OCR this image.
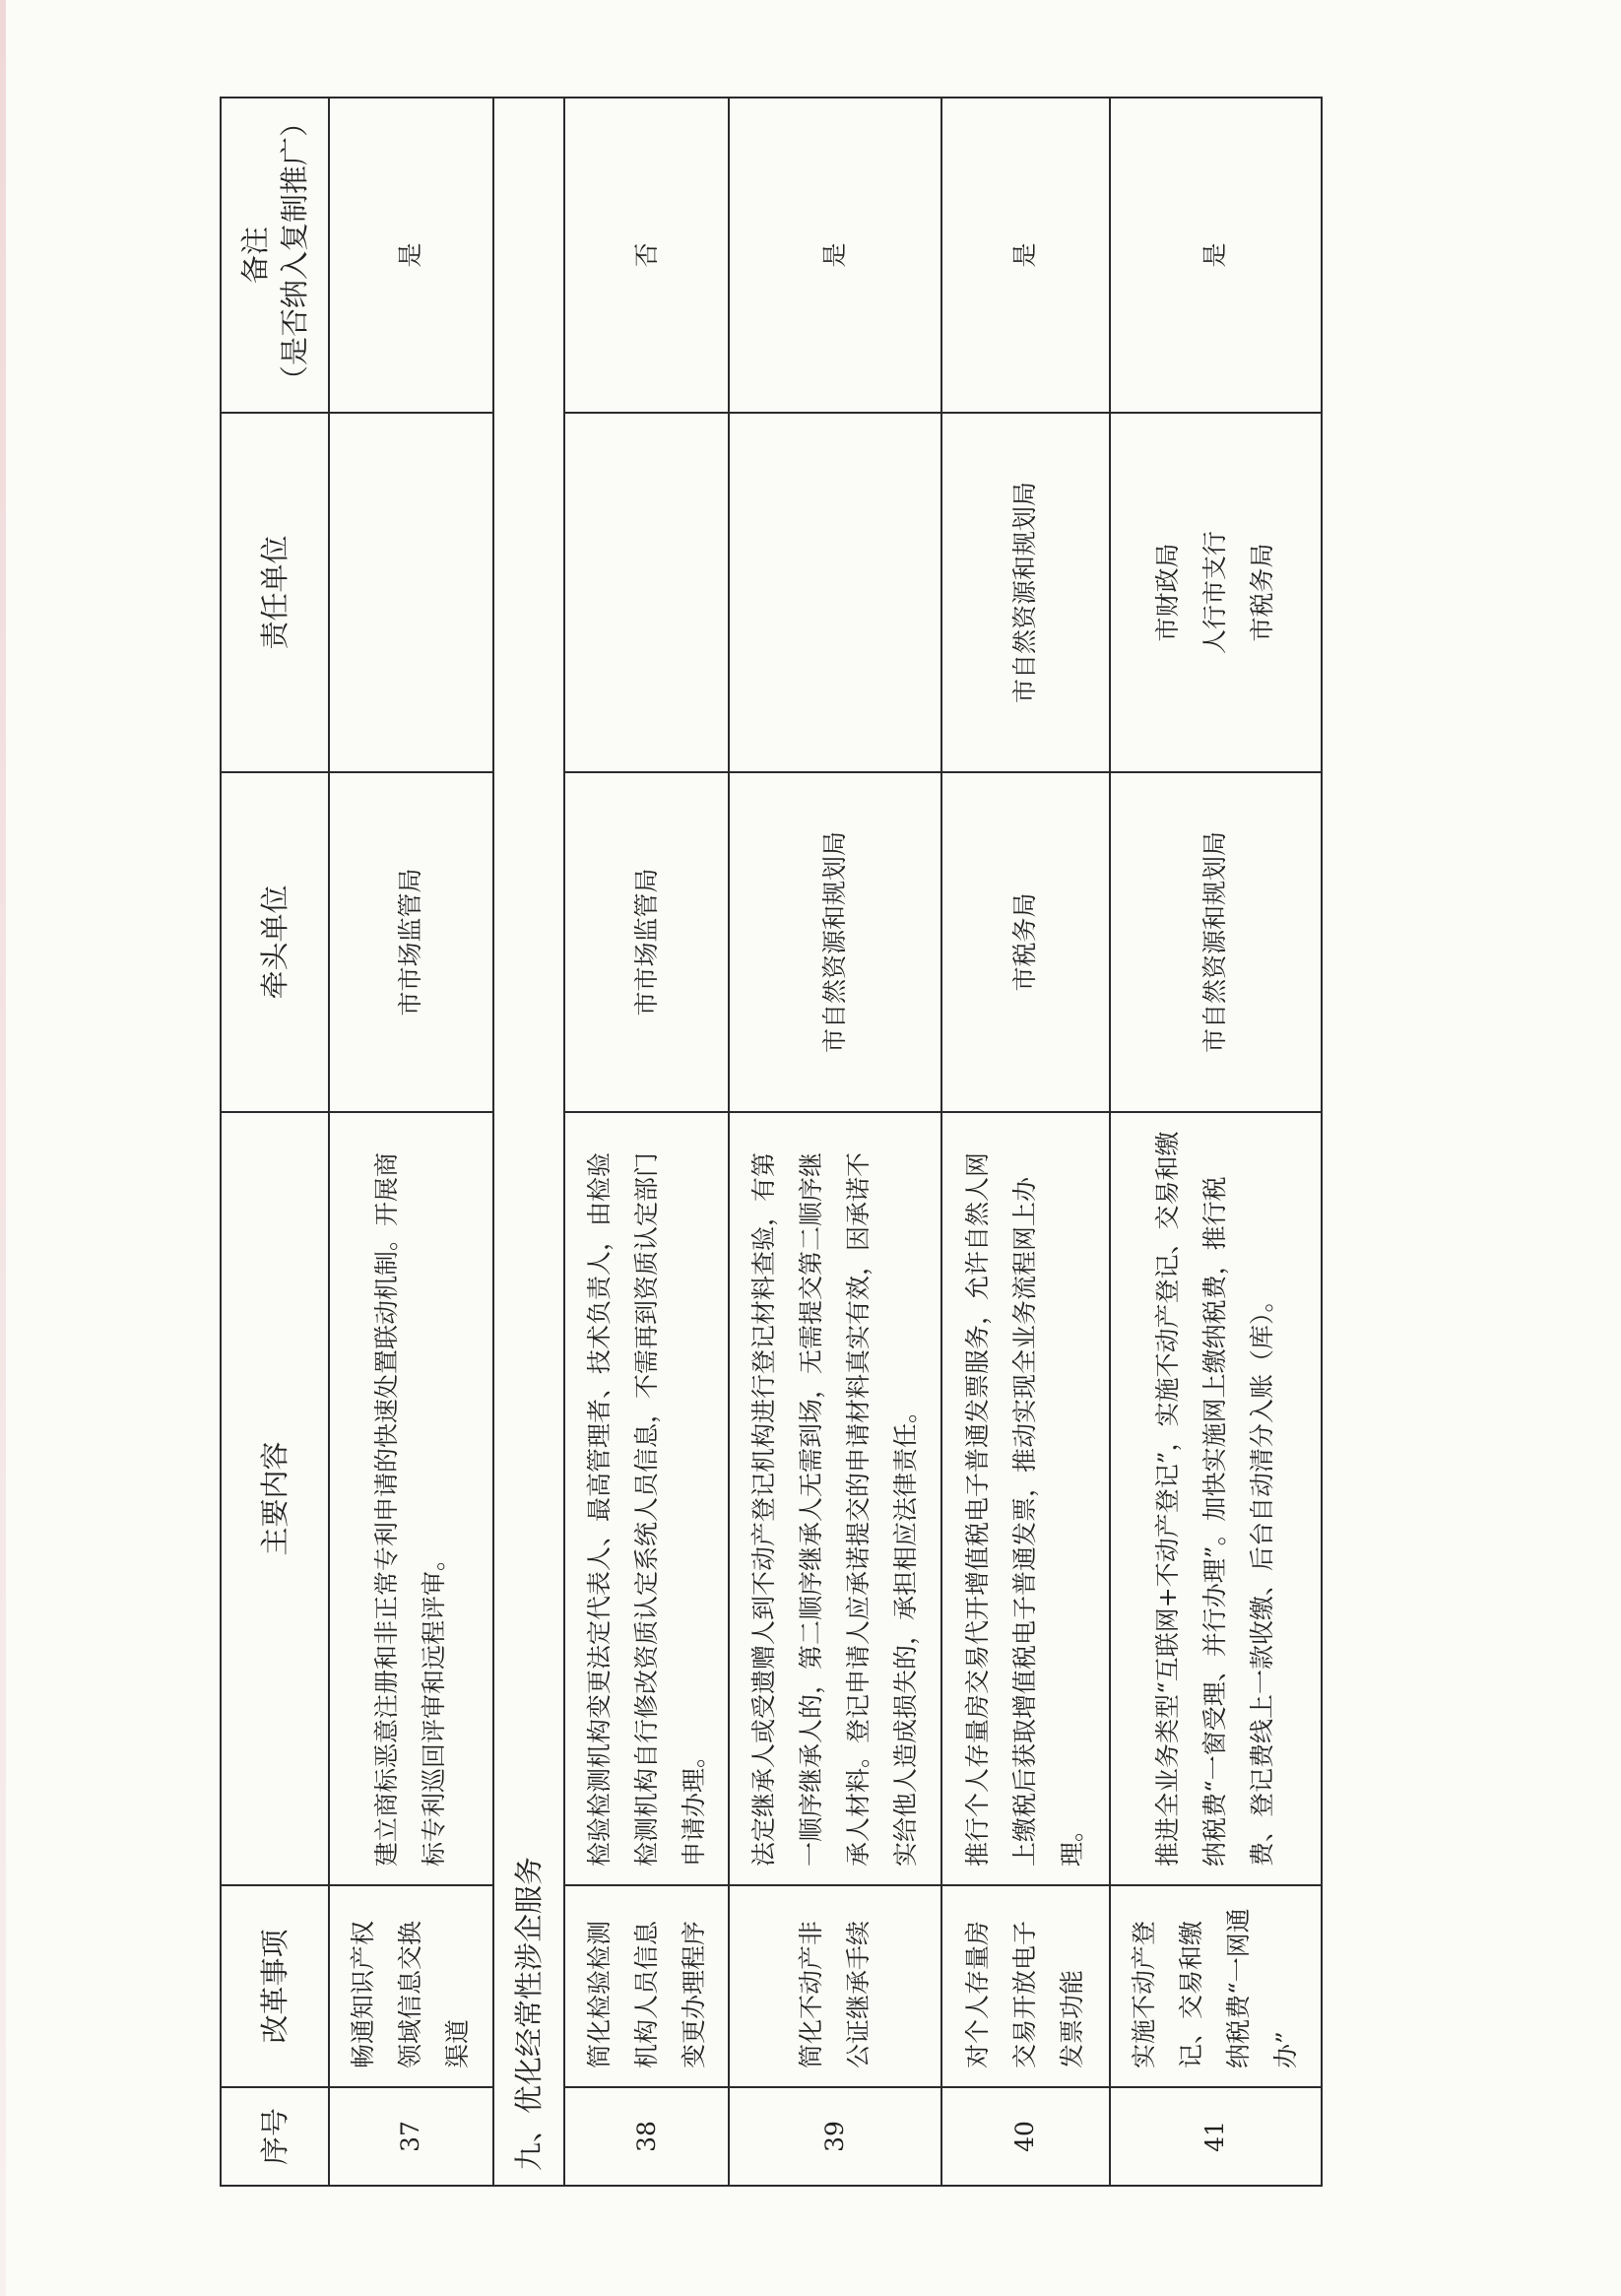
序号	改革事项	主要内容	牵头单位	责任单位	备注
（是否纳入复制推广）
37	畅通知识产权领域信息交换渠道	建立商标恶意注册和非正常专利申请的快速处置联动机制。开展商标专利巡回评审和远程评审。	市市场监管局		是
九、优化经常性涉企服务					
38	简化检验检测机构人员信息变更办理程序	检验检测机构变更法定代表人、最高管理者、技术负责人，由检验检测机构自行修改资质认定系统人员信息，不需再到资质认定部门申请办理。	市市场监管局		否
39	简化不动产非公证继承手续	法定继承人或受遗赠人到不动产登记机构进行登记材料查验，有第一顺序继承人的，第二顺序继承人无需到场，无需提交第二顺序继承人材料。登记申请人应承诺提交的申请材料真实有效，因承诺不实给他人造成损失的，承担相应法律责任。	市自然资源和规划局		是
40	对个人存量房交易开放电子发票功能	推行个人存量房交易代开增值税电子普通发票服务，允许自然人网上缴税后获取增值税电子普通发票，推动实现全业务流程网上办理。	市税务局	市自然资源和规划局	是
41	实施不动产登记、交易和缴纳税费“一网通办”	推进全业务类型“互联网+不动产登记”，实施不动产登记、交易和缴纳税费“一窗受理、并行办理”。加快实施网上缴纳税费，推行税费、登记费线上一款收缴、后台自动清分入账（库）。	市自然资源和规划局	市财政局 人行市支行 市税务局	是
